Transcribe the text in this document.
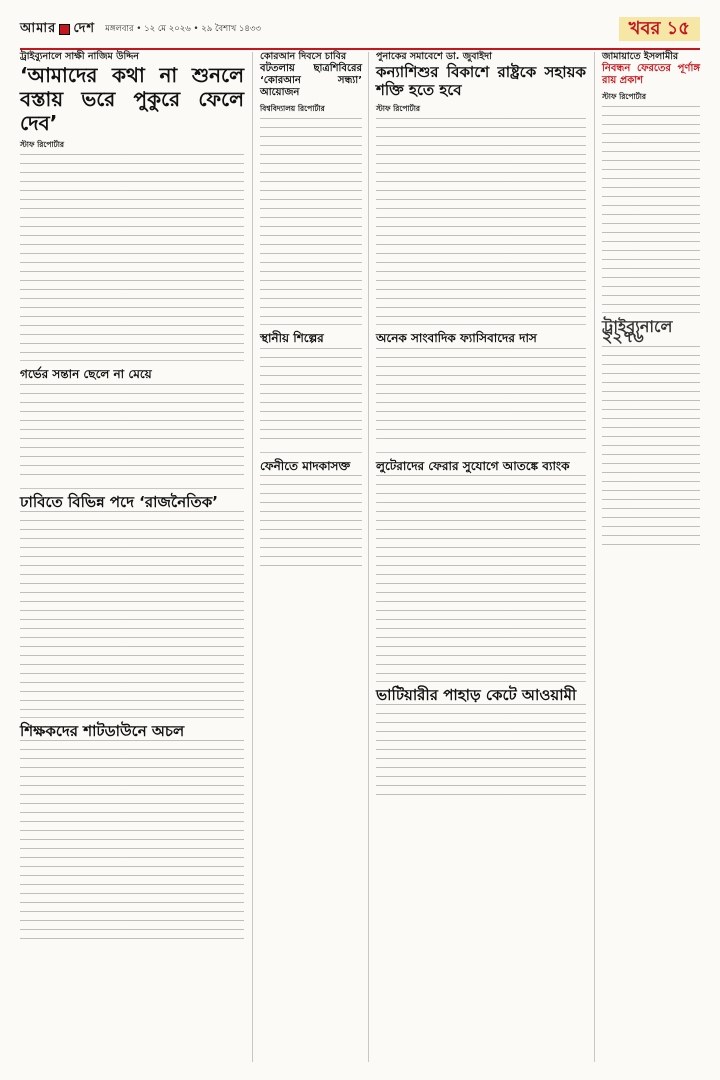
আমার দেশ মঙ্গলবার • ১২ মে ২০২৬ • ২৯ বৈশাখ ১৪৩৩	খবর ১৫
ট্রাইব্যুনালে সাক্ষী নাজিম উদ্দিন
‘আমাদের কথা না শুনলে বস্তায় ভরে পুকুরে ফেলে দেব’
স্টাফ রিপোর্টার
গর্ভের সন্তান ছেলে না মেয়ে
ঢাবিতে বিভিন্ন পদে ‘রাজনৈতিক’
শিক্ষকদের শাটডাউনে অচল
কোরআন দিবসে চাবির
বটতলায় ছাত্রশিবিরের ‘কোরআন সন্ধ্যা’ আয়োজন
বিশ্ববিদ্যালয় রিপোর্টার
স্থানীয় শিল্পের
ফেনীতে মাদকাসক্ত
পুনাকের সমাবেশে ডা. জুবাইদা
কন্যাশিশুর বিকাশে রাষ্ট্রকে সহায়ক শক্তি হতে হবে
স্টাফ রিপোর্টার
অনেক সাংবাদিক ফ্যাসিবাদের দাস
লুটেরাদের ফেরার সুযোগে আতঙ্কে ব্যাংক
ভাটিয়ারীর পাহাড় কেটে আওয়ামী
জামায়াতে ইসলামীর
নিবন্ধন ফেরতের পূর্ণাঙ্গ রায় প্রকাশ
স্টাফ রিপোর্টার
ট্রাইব্যুনালে ২২৭৬
